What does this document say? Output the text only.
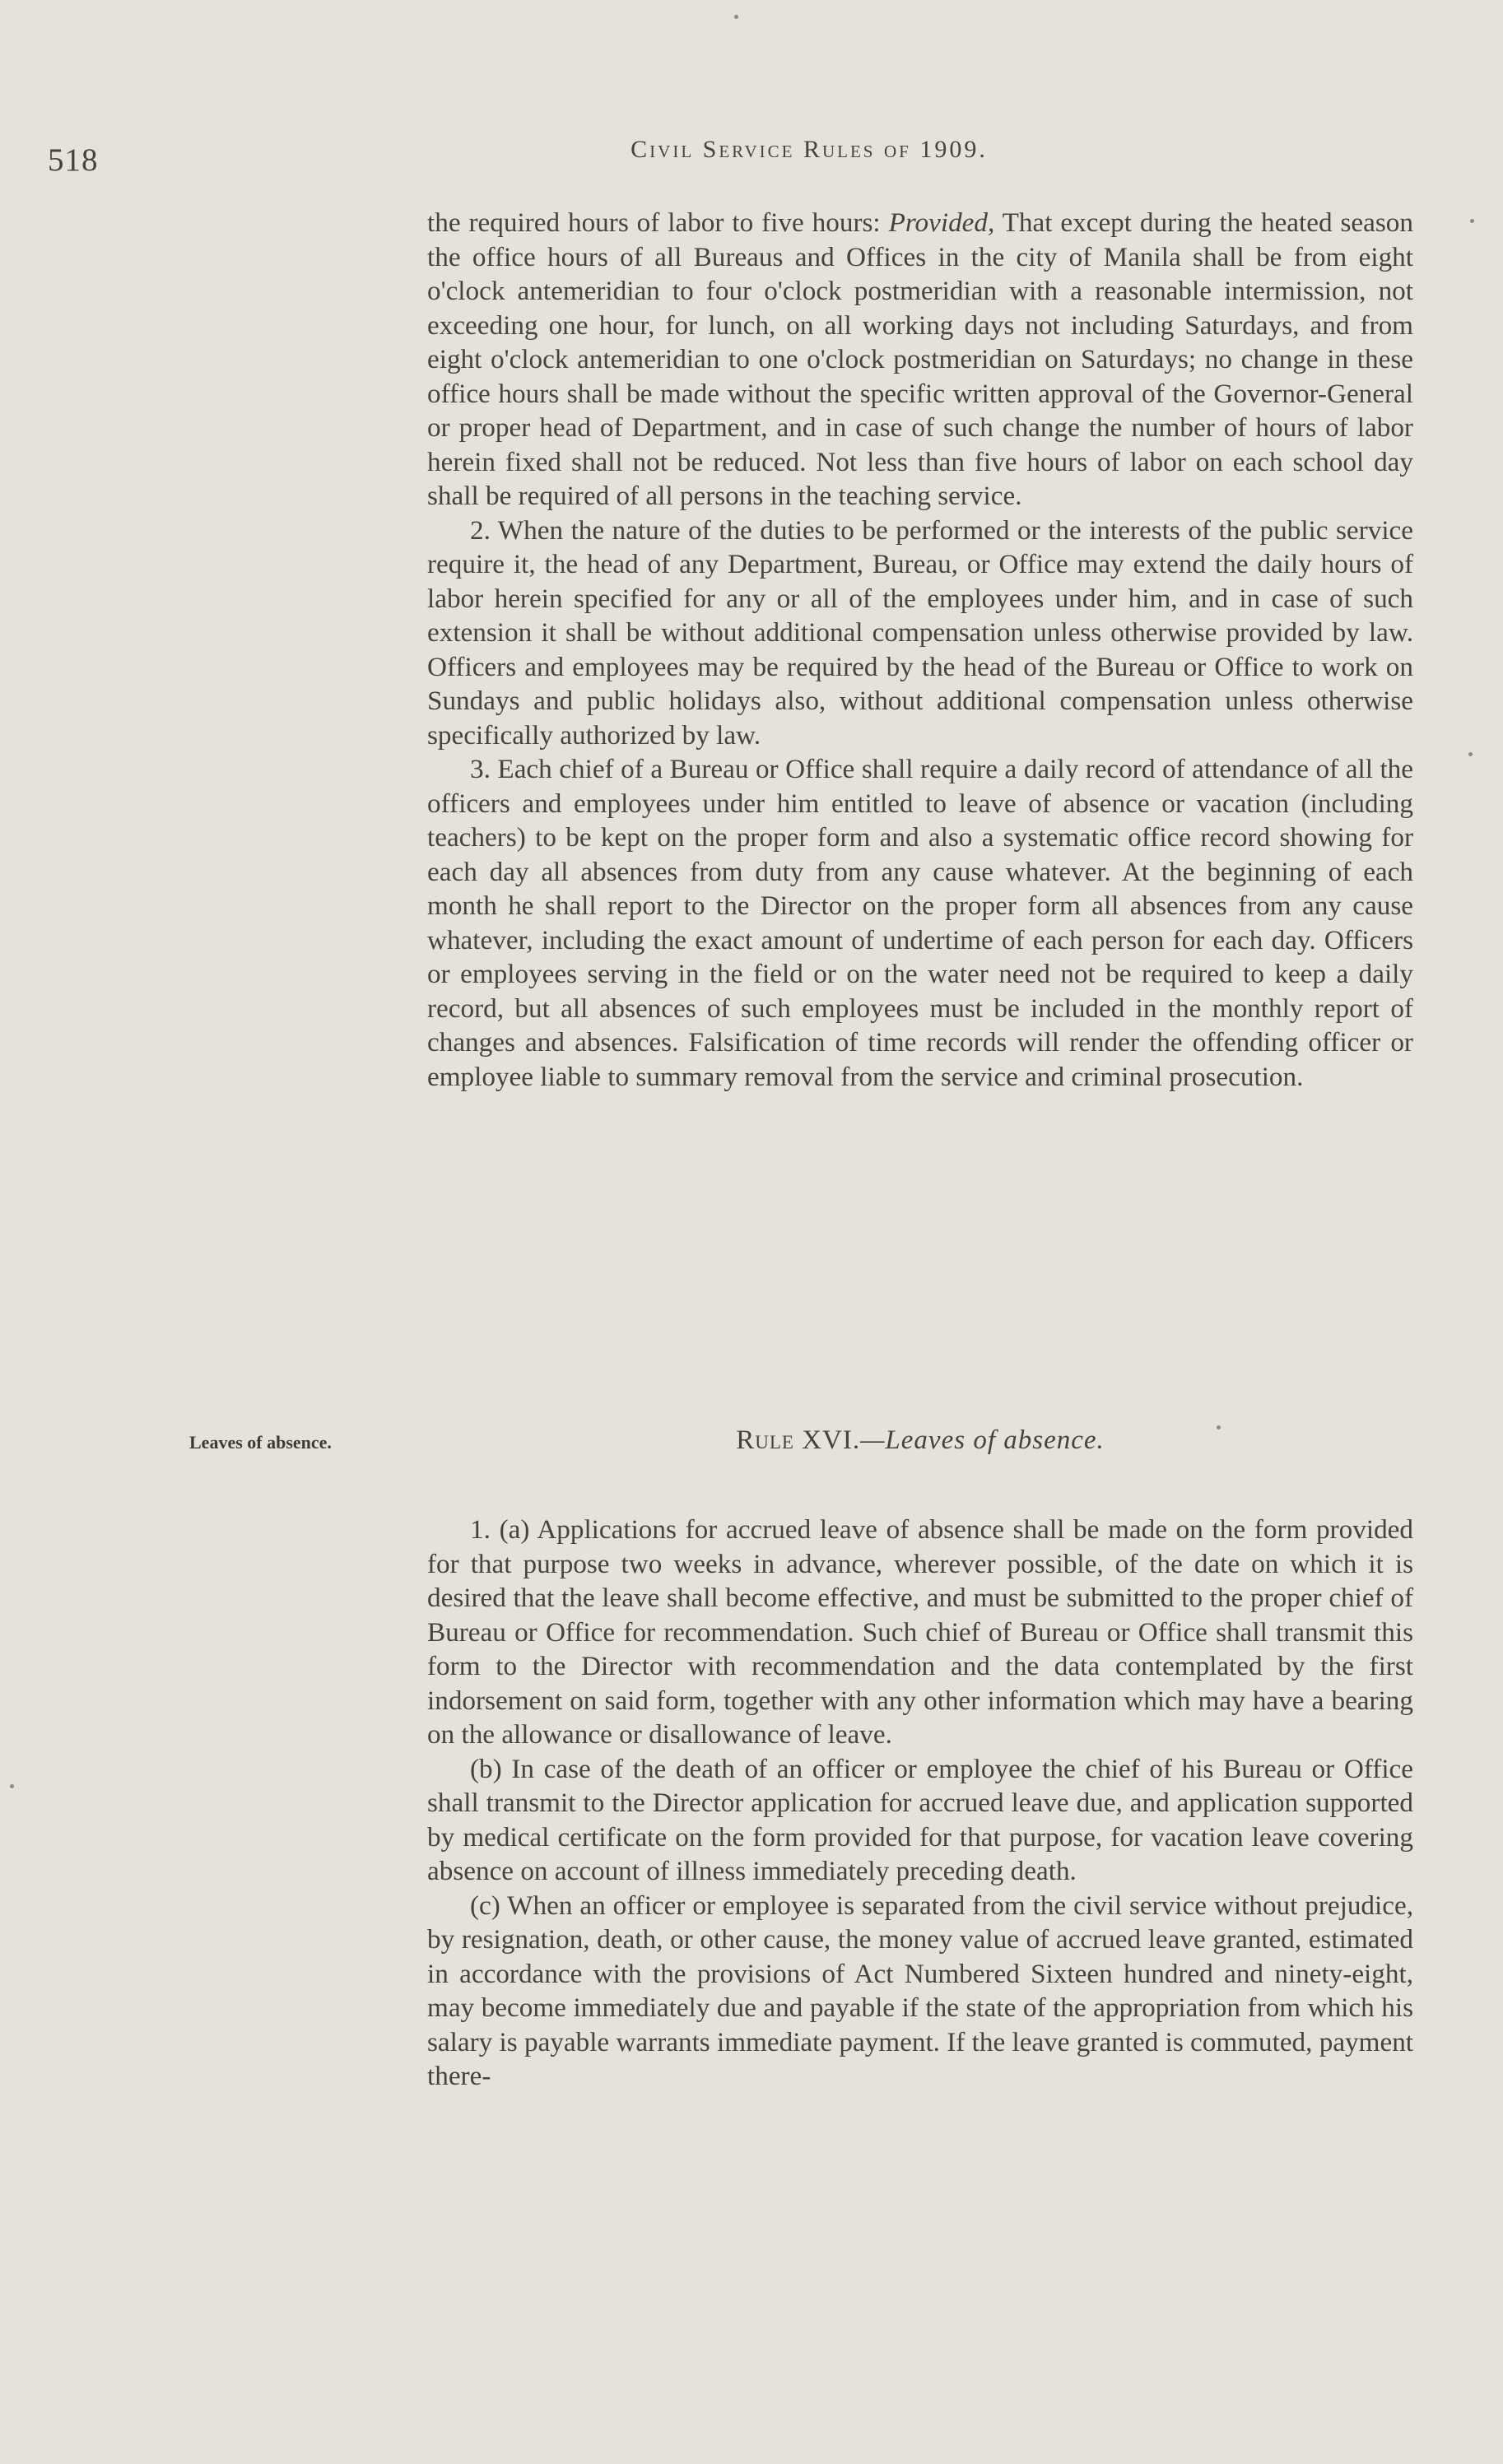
518	Civil Service Rules of 1909.

the required hours of labor to five hours: Provided, That except during the heated season the office hours of all Bureaus and Offices in the city of Manila shall be from eight o'clock antemeridian to four o'clock postmeridian with a reasonable intermission, not exceeding one hour, for lunch, on all working days not including Saturdays, and from eight o'clock antemeridian to one o'clock postmeridian on Saturdays; no change in these office hours shall be made without the specific written approval of the Governor-General or proper head of Department, and in case of such change the number of hours of labor herein fixed shall not be reduced. Not less than five hours of labor on each school day shall be required of all persons in the teaching service.

2. When the nature of the duties to be performed or the interests of the public service require it, the head of any Department, Bureau, or Office may extend the daily hours of labor herein specified for any or all of the employees under him, and in case of such extension it shall be without additional compensation unless otherwise provided by law. Officers and employees may be required by the head of the Bureau or Office to work on Sundays and public holidays also, without additional compensation unless otherwise specifically authorized by law.

3. Each chief of a Bureau or Office shall require a daily record of attendance of all the officers and employees under him entitled to leave of absence or vacation (including teachers) to be kept on the proper form and also a systematic office record showing for each day all absences from duty from any cause whatever. At the beginning of each month he shall report to the Director on the proper form all absences from any cause whatever, including the exact amount of undertime of each person for each day. Officers or employees serving in the field or on the water need not be required to keep a daily record, but all absences of such employees must be included in the monthly report of changes and absences. Falsification of time records will render the offending officer or employee liable to summary removal from the service and criminal prosecution.

Leaves of absence.	Rule XVI.—Leaves of absence.

1. (a) Applications for accrued leave of absence shall be made on the form provided for that purpose two weeks in advance, wherever possible, of the date on which it is desired that the leave shall become effective, and must be submitted to the proper chief of Bureau or Office for recommendation. Such chief of Bureau or Office shall transmit this form to the Director with recommendation and the data contemplated by the first indorsement on said form, together with any other information which may have a bearing on the allowance or disallowance of leave.

(b) In case of the death of an officer or employee the chief of his Bureau or Office shall transmit to the Director application for accrued leave due, and application supported by medical certificate on the form provided for that purpose, for vacation leave covering absence on account of illness immediately preceding death.

(c) When an officer or employee is separated from the civil service without prejudice, by resignation, death, or other cause, the money value of accrued leave granted, estimated in accordance with the provisions of Act Numbered Sixteen hundred and ninety-eight, may become immediately due and payable if the state of the appropriation from which his salary is payable warrants immediate payment. If the leave granted is commuted, payment there-
